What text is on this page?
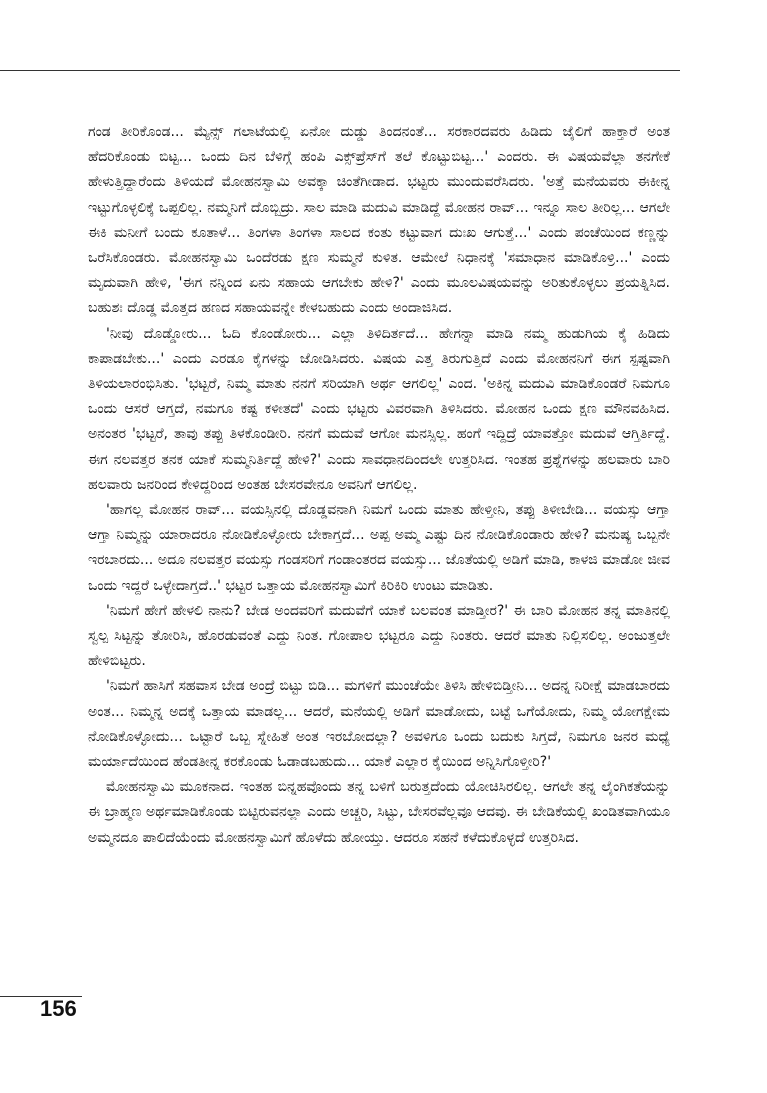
ಗಂಡ ತೀರಿಕೊಂಡ... ಮ್ಯೆನ್ಸ್ ಗಲಾಟೆಯಲ್ಲಿ ಏನೋ ದುಡ್ಡು ತಿಂದನಂತೆ... ಸರಕಾರದವರು ಹಿಡಿದು ಜೈಲಿಗೆ ಹಾಕ್ತಾರೆ ಅಂತ ಹೆದರಿಕೊಂಡು ಬಿಟ್ಟ... ಒಂದು ದಿನ ಬೆಳಿಗ್ಗೆ ಹಂಪಿ ಎಕ್ಸ್‌ಪ್ರೆಸ್‌ಗೆ ತಲೆ ಕೊಟ್ಟುಬಿಟ್ಟ...' ಎಂದರು. ಈ ವಿಷಯವೆಲ್ಲಾ ತನಗೇಕೆ ಹೇಳುತ್ತಿದ್ದಾರೆಂದು ತಿಳಿಯದೆ ಮೋಹನಸ್ವಾಮಿ ಅವಕ್ಕಾ ಚಿಂತೆಗೀಡಾದ. ಭಟ್ಟರು ಮುಂದುವರೆಸಿದರು. 'ಅತ್ತೆ ಮನೆಯವರು ಈಕೀನ್ನ ಇಟ್ಟುಗೊಳ್ಳಲಿಕ್ಕೆ ಒಪ್ಪಲಿಲ್ಲ. ನಮ್ಮನಿಗೆ ದೊಬ್ಬಿದ್ರು. ಸಾಲ ಮಾಡಿ ಮದುವಿ ಮಾಡಿದ್ದೆ ಮೋಹನ ರಾವ್... ಇನ್ನೂ ಸಾಲ ತೀರಿಲ್ಲ... ಆಗಲೇ ಈಕಿ ಮನೀಗೆ ಬಂದು ಕೂತಾಳೆ... ತಿಂಗಳಾ ತಿಂಗಳಾ ಸಾಲದ ಕಂತು ಕಟ್ಟುವಾಗ ದುಃಖ ಆಗುತ್ತೆ...' ಎಂದು ಪಂಚೆಯಿಂದ ಕಣ್ಣನ್ನು ಒರೆಸಿಕೊಂಡರು. ಮೋಹನಸ್ವಾಮಿ ಒಂದೆರಡು ಕ್ಷಣ ಸುಮ್ಮನೆ ಕುಳಿತ. ಆಮೇಲೆ ನಿಧಾನಕ್ಕೆ 'ಸಮಾಧಾನ ಮಾಡಿಕೊಳ್ರಿ...' ಎಂದು ಮೃದುವಾಗಿ ಹೇಳಿ, 'ಈಗ ನನ್ನಿಂದ ಏನು ಸಹಾಯ ಆಗಬೇಕು ಹೇಳಿ?' ಎಂದು ಮೂಲವಿಷಯವನ್ನು ಅರಿತುಕೊಳ್ಳಲು ಪ್ರಯತ್ನಿಸಿದ. ಬಹುಶಃ ದೊಡ್ಡ ಮೊತ್ತದ ಹಣದ ಸಹಾಯವನ್ನೇ ಕೇಳಬಹುದು ಎಂದು ಅಂದಾಜಿಸಿದ.

'ನೀವು ದೊಡ್ಡೋರು... ಓದಿ ಕೊಂಡೋರು... ಎಲ್ಲಾ ತಿಳಿದಿರ್ತದೆ... ಹೇಗನ್ನಾ ಮಾಡಿ ನಮ್ಮ ಹುಡುಗಿಯ ಕೈ ಹಿಡಿದು ಕಾಪಾಡಬೇಕು...' ಎಂದು ಎರಡೂ ಕೈಗಳನ್ನು ಜೋಡಿಸಿದರು. ವಿಷಯ ಎತ್ತ ತಿರುಗುತ್ತಿದೆ ಎಂದು ಮೋಹನನಿಗೆ ಈಗ ಸ್ಪಷ್ಟವಾಗಿ ತಿಳಿಯಲಾರಂಭಿಸಿತು. 'ಭಟ್ಟರೆ, ನಿಮ್ಮ ಮಾತು ನನಗೆ ಸರಿಯಾಗಿ ಅರ್ಥ ಆಗಲಿಲ್ಲ' ಎಂದ. 'ಅಕಿನ್ನ ಮದುವಿ ಮಾಡಿಕೊಂಡರೆ ನಿಮಗೂ ಒಂದು ಆಸರೆ ಆಗ್ತದೆ, ನಮಗೂ ಕಷ್ಟ ಕಳೀತದೆ' ಎಂದು ಭಟ್ಟರು ವಿವರವಾಗಿ ತಿಳಿಸಿದರು. ಮೋಹನ ಒಂದು ಕ್ಷಣ ಮೌನವಹಿಸಿದ. ಅನಂತರ 'ಭಟ್ಟರೆ, ತಾವು ತಪ್ಪು ತಿಳಕೊಂಡೀರಿ. ನನಗೆ ಮದುವೆ ಆಗೋ ಮನಸ್ಸಿಲ್ಲ. ಹಂಗೆ ಇದ್ದಿದ್ರೆ ಯಾವತ್ತೋ ಮದುವೆ ಆಗ್ತಿರ್ತಿದ್ದೆ. ಈಗ ನಲವತ್ತರ ತನಕ ಯಾಕೆ ಸುಮ್ಮನಿರ್ತಿದ್ದೆ ಹೇಳಿ?' ಎಂದು ಸಾವಧಾನದಿಂದಲೇ ಉತ್ತರಿಸಿದ. ಇಂತಹ ಪ್ರಶ್ನೆಗಳನ್ನು ಹಲವಾರು ಬಾರಿ ಹಲವಾರು ಜನರಿಂದ ಕೇಳಿದ್ದರಿಂದ ಅಂತಹ ಬೇಸರವೇನೂ ಅವನಿಗೆ ಆಗಲಿಲ್ಲ.

'ಹಾಗಲ್ಲ ಮೋಹನ ರಾವ್... ವಯಸ್ಸಿನಲ್ಲಿ ದೊಡ್ಡವನಾಗಿ ನಿಮಗೆ ಒಂದು ಮಾತು ಹೇಳ್ತೀನಿ, ತಪ್ಪು ತಿಳೀಬೇಡಿ... ವಯಸ್ಸು ಆಗ್ತಾ ಆಗ್ತಾ ನಿಮ್ಮನ್ನು ಯಾರಾದರೂ ನೋಡಿಕೊಳ್ಳೋರು ಬೇಕಾಗ್ತದೆ... ಅಪ್ಪ ಅಮ್ಮ ಎಷ್ಟು ದಿನ ನೋಡಿಕೊಂಡಾರು ಹೇಳಿ? ಮನುಷ್ಯ ಒಬ್ಬನೇ ಇರಬಾರದು... ಅದೂ ನಲವತ್ತರ ವಯಸ್ಸು ಗಂಡಸರಿಗೆ ಗಂಡಾಂತರದ ವಯಸ್ಸು... ಜೊತೆಯಲ್ಲಿ ಅಡಿಗೆ ಮಾಡಿ, ಕಾಳಜಿ ಮಾಡೋ ಜೀವ ಒಂದು ಇದ್ದರೆ ಒಳ್ಳೇದಾಗ್ತದೆ..' ಭಟ್ಟರ ಒತ್ತಾಯ ಮೋಹನಸ್ವಾಮಿಗೆ ಕಿರಿಕಿರಿ ಉಂಟು ಮಾಡಿತು.

'ನಿಮಗೆ ಹೇಗೆ ಹೇಳಲಿ ನಾನು? ಬೇಡ ಅಂದವರಿಗೆ ಮದುವೆಗೆ ಯಾಕೆ ಬಲವಂತ ಮಾಡ್ತೀರ?' ಈ ಬಾರಿ ಮೋಹನ ತನ್ನ ಮಾತಿನಲ್ಲಿ ಸ್ವಲ್ಪ ಸಿಟ್ಟನ್ನು ತೋರಿಸಿ, ಹೊರಡುವಂತೆ ಎದ್ದು ನಿಂತ. ಗೋಪಾಲ ಭಟ್ಟರೂ ಎದ್ದು ನಿಂತರು. ಆದರೆ ಮಾತು ನಿಲ್ಲಿಸಲಿಲ್ಲ. ಅಂಜುತ್ತಲೇ ಹೇಳಿಬಿಟ್ಟರು.

'ನಿಮಗೆ ಹಾಸಿಗೆ ಸಹವಾಸ ಬೇಡ ಅಂದ್ರೆ ಬಿಟ್ಟು ಬಿಡಿ... ಮಗಳಿಗೆ ಮುಂಚೆಯೇ ತಿಳಿಸಿ ಹೇಳಿಬಿಡ್ತೀನಿ... ಅದನ್ನ ನಿರೀಕ್ಷೆ ಮಾಡಬಾರದು ಅಂತ... ನಿಮ್ಮನ್ನ ಅದಕ್ಕೆ ಒತ್ತಾಯ ಮಾಡಲ್ಲ... ಆದರೆ, ಮನೆಯಲ್ಲಿ ಅಡಿಗೆ ಮಾಡೋದು, ಬಟ್ಟೆ ಒಗೆಯೋದು, ನಿಮ್ಮ ಯೋಗಕ್ಷೇಮ ನೋಡಿಕೊಳ್ಳೋದು... ಒಟ್ಟಾರೆ ಒಬ್ಬ ಸ್ನೇಹಿತೆ ಅಂತ ಇರಬೋದಲ್ಲಾ? ಅವಳಿಗೂ ಒಂದು ಬದುಕು ಸಿಗ್ತದೆ, ನಿಮಗೂ ಜನರ ಮಧ್ಯೆ ಮರ್ಯಾದೆಯಿಂದ ಹೆಂಡತೀನ್ನ ಕರಕೊಂಡು ಓಡಾಡಬಹುದು... ಯಾಕೆ ಎಲ್ಲಾರ ಕೈಯಿಂದ ಅನ್ನಿಸಿಗೊಳ್ತೀರಿ?'

ಮೋಹನಸ್ವಾಮಿ ಮೂಕನಾದ. ಇಂತಹ ಬಿನ್ನಹವೊಂದು ತನ್ನ ಬಳಿಗೆ ಬರುತ್ತದೆಂದು ಯೋಚಿಸಿರಲಿಲ್ಲ. ಆಗಲೇ ತನ್ನ ಲೈಂಗಿಕತೆಯನ್ನು ಈ ಬ್ರಾಹ್ಮಣ ಅರ್ಥಮಾಡಿಕೊಂಡು ಬಿಟ್ಟಿರುವನಲ್ಲಾ ಎಂದು ಅಚ್ಚರಿ, ಸಿಟ್ಟು, ಬೇಸರವೆಲ್ಲವೂ ಆದವು. ಈ ಬೇಡಿಕೆಯಲ್ಲಿ ಖಂಡಿತವಾಗಿಯೂ ಅಮ್ಮನದೂ ಪಾಲಿದೆಯೆಂದು ಮೋಹನಸ್ವಾಮಿಗೆ ಹೊಳೆದು ಹೋಯ್ತು. ಆದರೂ ಸಹನೆ ಕಳೆದುಕೊಳ್ಳದೆ ಉತ್ತರಿಸಿದ.

156
